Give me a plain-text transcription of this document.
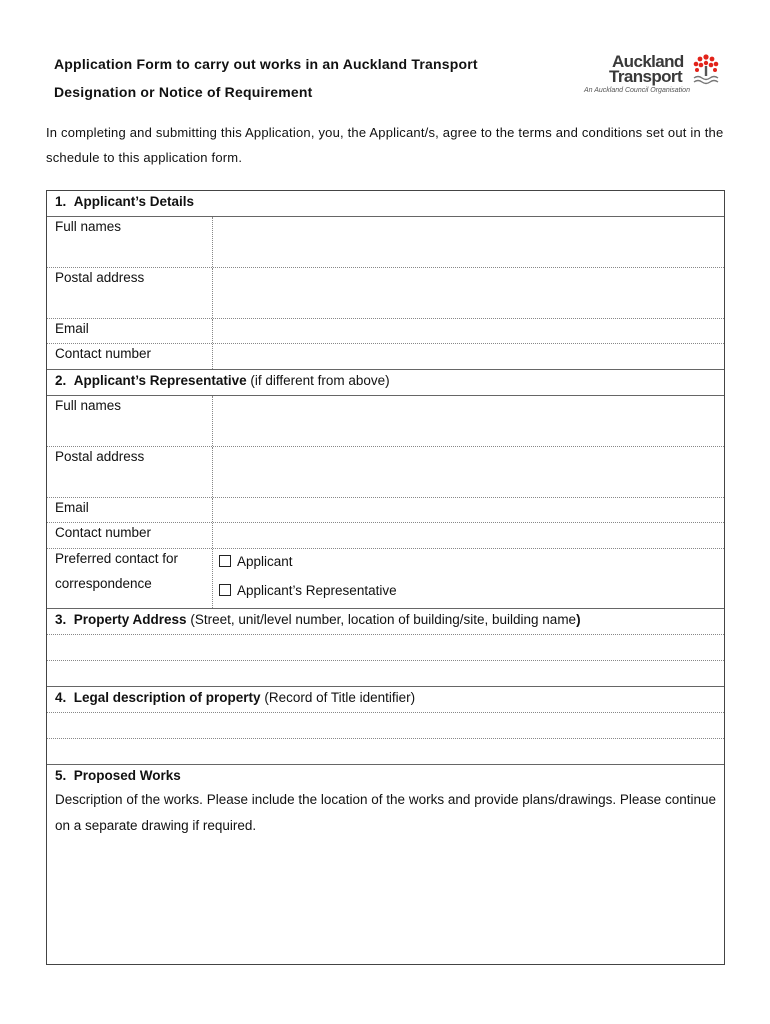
Application Form to carry out works in an Auckland Transport
Designation or Notice of Requirement
Auckland
Transport
An Auckland Council Organisation
In completing and submitting this Application, you, the Applicant/s, agree to the terms and conditions set out in the schedule to this application form.
1. Applicant’s Details
Full names
Postal address
Email
Contact number
2. Applicant’s Representative (if different from above)
Full names
Postal address
Email
Contact number
Preferred contact for
correspondence
Applicant
Applicant’s Representative
3. Property Address (Street, unit/level number, location of building/site, building name)
4. Legal description of property (Record of Title identifier)
5. Proposed Works
Description of the works. Please include the location of the works and provide plans/drawings. Please continue on a separate drawing if required.
